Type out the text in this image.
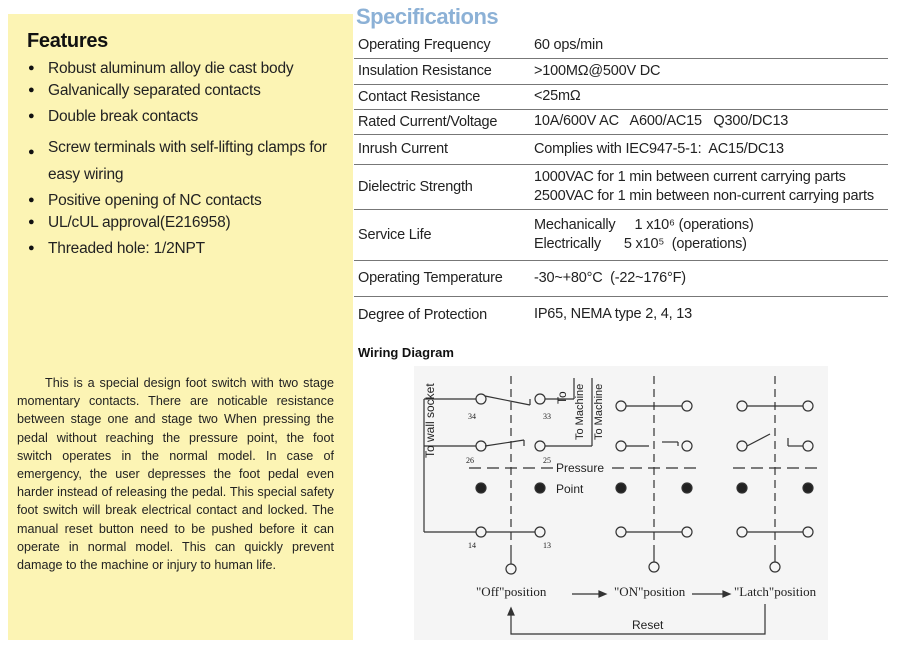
Features
● Robust aluminum alloy die cast body
● Galvanically separated contacts
● Double break contacts
● Screw terminals with self-lifting clamps for easy wiring
● Positive opening of NC contacts
● UL/cUL approval(E216958)
● Threaded hole: 1/2NPT

This is a special design foot switch with two stage momentary contacts. There are noticable resistance between stage one and stage two When pressing the pedal without reaching the pressure point, the foot switch operates in the normal model. In case of emergency, the user depresses the foot pedal even harder instead of releasing the pedal. This special safety foot switch will break electrical contact and locked. The manual reset button need to be pushed before it can operate in normal model. This can quickly prevent damage to the machine or injury to human life.

Specifications
Operating Frequency	60 ops/min

Insulation Resistance	>100MΩ@500V DC

Contact Resistance	<25mΩ

Rated Current/Voltage	10A/600V AC   A600/AC15   Q300/DC13

Inrush Current	Complies with IEC947-5-1:  AC15/DC13

Dielectric Strength	1000VAC for 1 min between current carrying parts
2500VAC for 1 min between non-current carrying parts

Service Life	Mechanically     1 x10⁶ (operations)
Electrically      5 x10⁵  (operations)

Operating Temperature	-30~+80°C  (-22~176°F)

Degree of Protection	IP65, NEMA type 2, 4, 13
Wiring Diagram
To wall socket	To To Machine To Machine
Pressure
Point
34	33
26	25
14	13
"Off"position	"ON"position	"Latch"position
Reset
